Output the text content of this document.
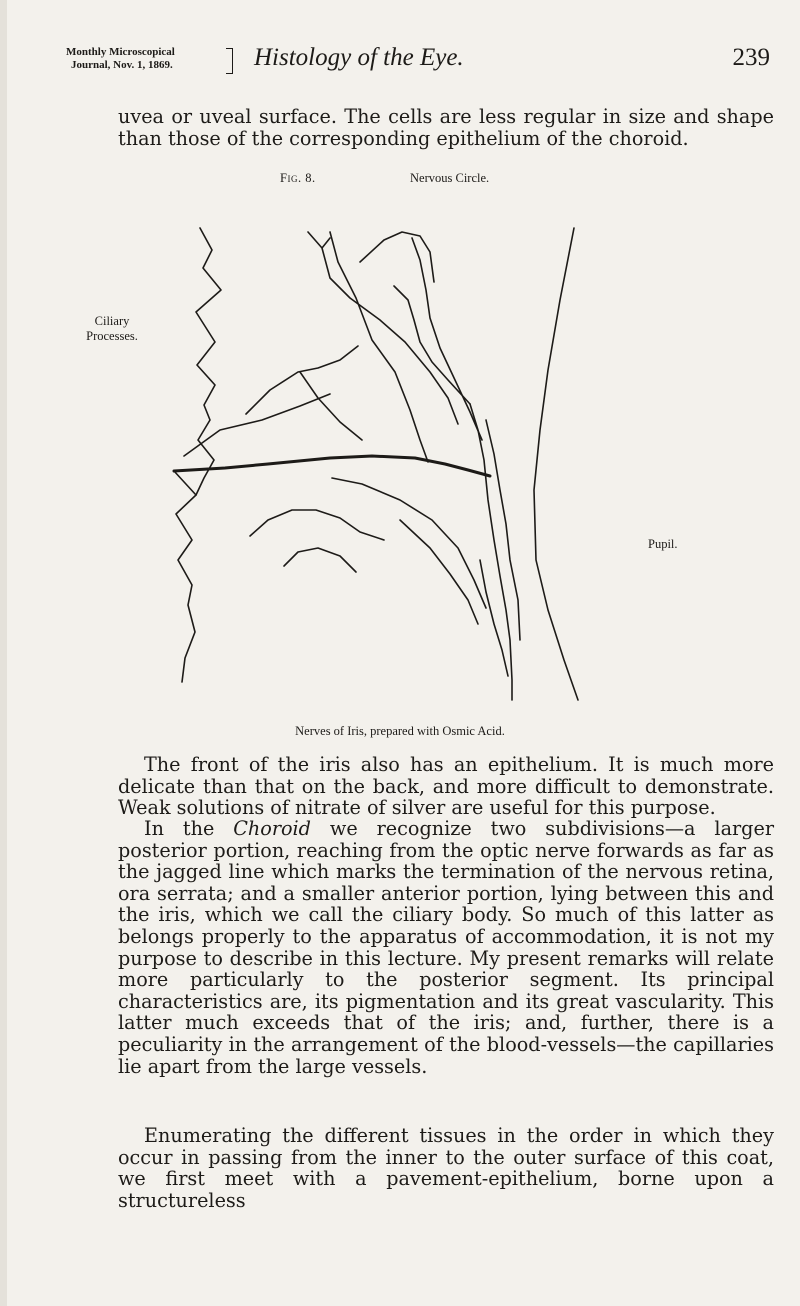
Monthly Microscopical
Journal, Nov. 1, 1869.	Histology of the Eye.	239

uvea or uveal surface. The cells are less regular in size and shape than those of the corresponding epithelium of the choroid.

Fig. 8.	Nervous Circle.
Ciliary
Processes.
Pupil.
Nerves of Iris, prepared with Osmic Acid.

The front of the iris also has an epithelium. It is much more delicate than that on the back, and more difficult to demonstrate. Weak solutions of nitrate of silver are useful for this purpose.

In the Choroid we recognize two subdivisions—a larger posterior portion, reaching from the optic nerve forwards as far as the jagged line which marks the termination of the nervous retina, ora serrata; and a smaller anterior portion, lying between this and the iris, which we call the ciliary body. So much of this latter as belongs properly to the apparatus of accommodation, it is not my purpose to describe in this lecture. My present remarks will relate more particularly to the posterior segment. Its principal characteristics are, its pigmentation and its great vascularity. This latter much exceeds that of the iris; and, further, there is a peculiarity in the arrangement of the blood-vessels—the capillaries lie apart from the large vessels.

Enumerating the different tissues in the order in which they occur in passing from the inner to the outer surface of this coat, we first meet with a pavement-epithelium, borne upon a structureless
